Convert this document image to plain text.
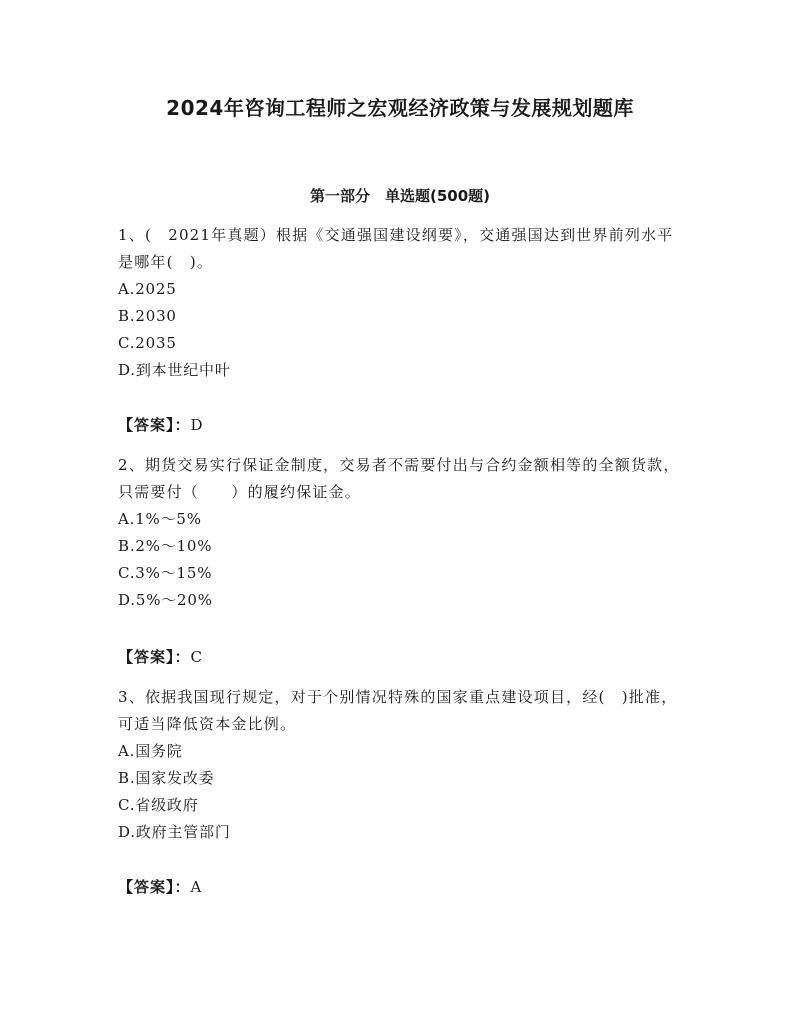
2024年咨询工程师之宏观经济政策与发展规划题库
第一部分　单选题(500题)

1、(　2021年真题）根据《交通强国建设纲要》，交通强国达到世界前列水平是哪年(　)。

A.2025
B.2030
C.2035
D.到本世纪中叶
【答案】：D

2、期货交易实行保证金制度，交易者不需要付出与合约金额相等的全额货款，只需要付（　　）的履约保证金。

A.1%～5%
B.2%～10%
C.3%～15%
D.5%～20%
【答案】：C

3、依据我国现行规定，对于个别情况特殊的国家重点建设项目，经(　)批准，可适当降低资本金比例。

A.国务院
B.国家发改委
C.省级政府
D.政府主管部门
【答案】：A
